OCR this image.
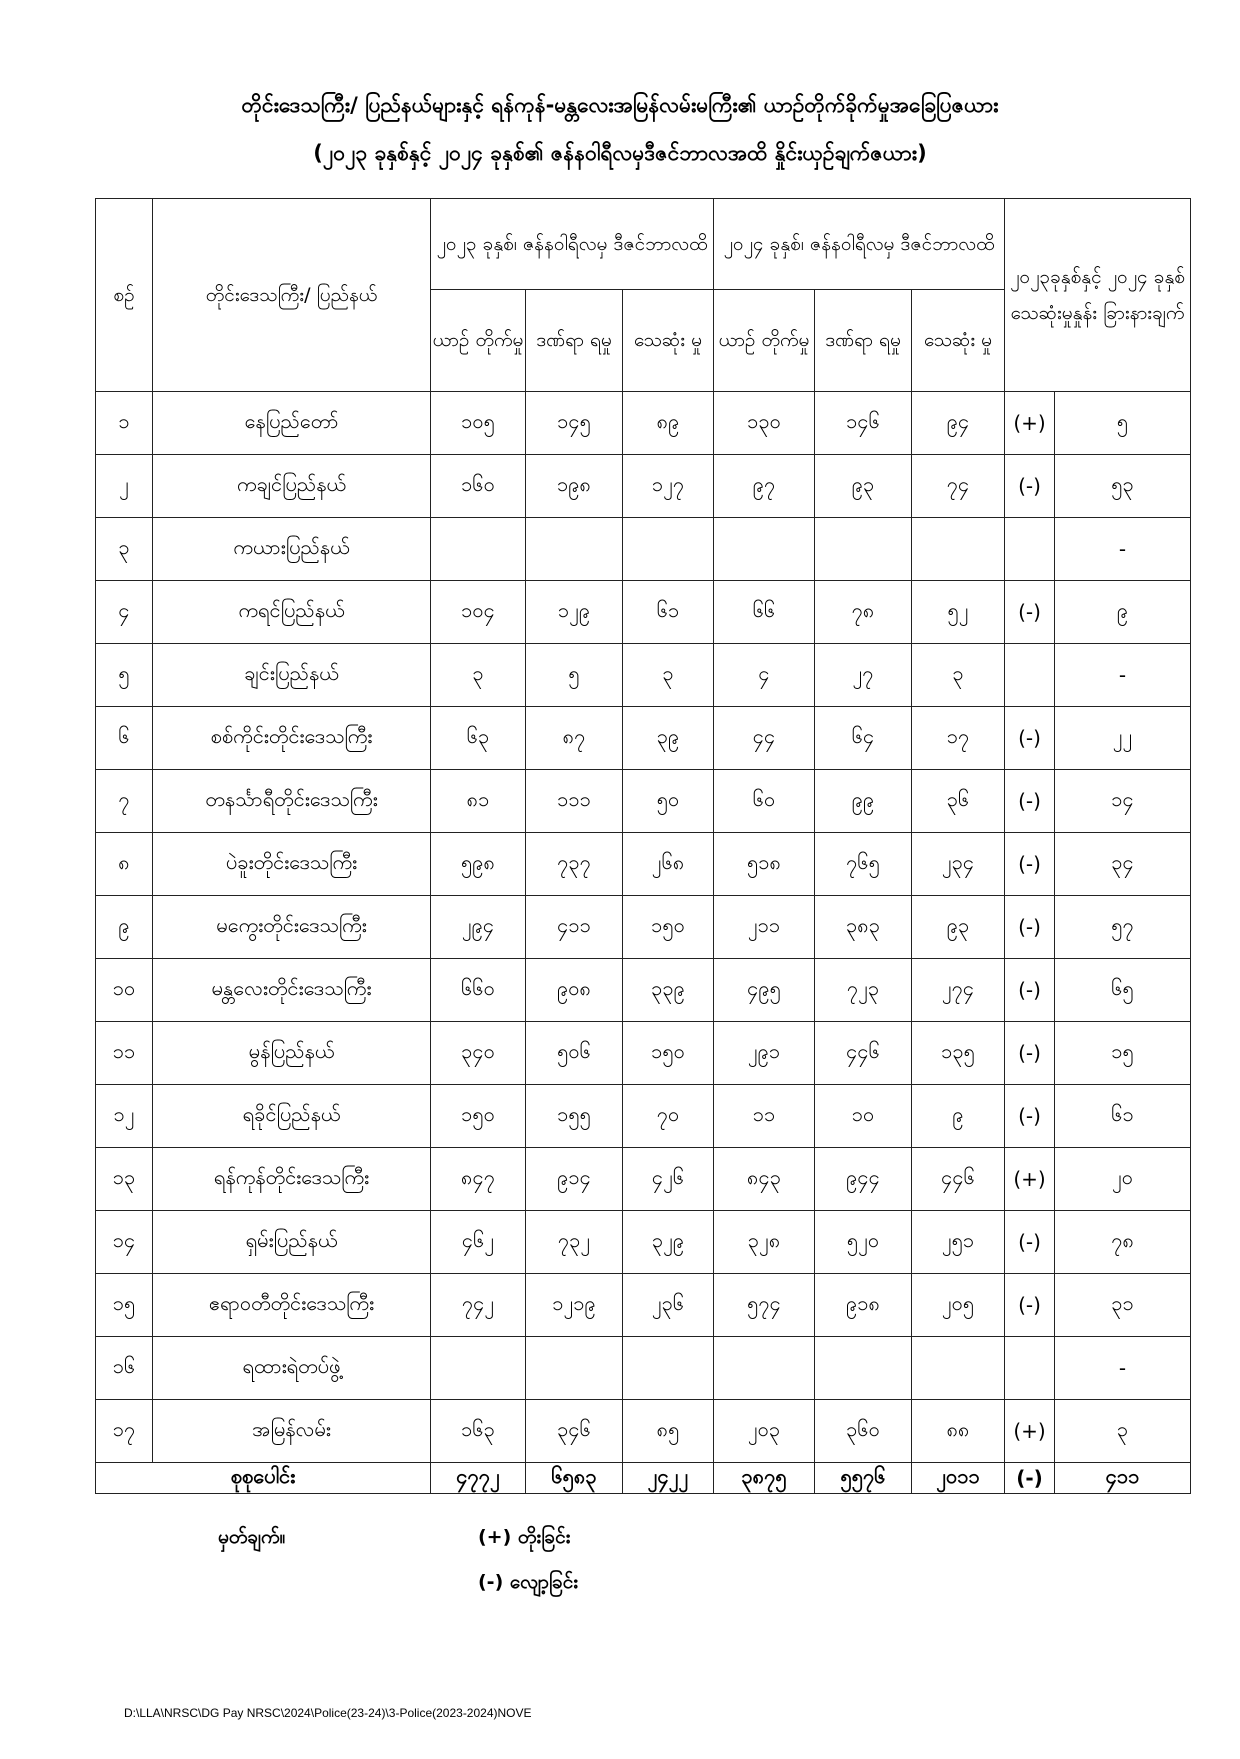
တိုင်းဒေသကြီး/ ပြည်နယ်များနှင့် ရန်ကုန်-မန္တလေးအမြန်လမ်းမကြီး၏ ယာဉ်တိုက်ခိုက်မှုအခြေပြဇယား
(၂၀၂၃ ခုနှစ်နှင့် ၂၀၂၄ ခုနှစ်၏ ဇန်နဝါရီလမှဒီဇင်ဘာလအထိ နှိုင်းယှဉ်ချက်ဇယား)
စဉ်	တိုင်းဒေသကြီး/ ပြည်နယ်	၂၀၂၃ ခုနှစ်၊ ဇန်နဝါရီလမှ ဒီဇင်ဘာလထိ			၂၀၂၄ ခုနှစ်၊ ဇန်နဝါရီလမှ ဒီဇင်ဘာလထိ			၂၀၂၃ခုနှစ်နှင့် ၂၀၂၄ ခုနှစ် သေဆုံးမှုနှုန်း ခြားနားချက်	
		ယာဉ် တိုက်မှု	ဒဏ်ရာ ရမှု	သေဆုံး မှု	ယာဉ် တိုက်မှု	ဒဏ်ရာ ရမှု	သေဆုံး မှု		
၁	နေပြည်တော်	၁၀၅	၁၄၅	၈၉	၁၃၀	၁၄၆	၉၄	(+)	၅
၂	ကချင်ပြည်နယ်	၁၆၀	၁၉၈	၁၂၇	၉၇	၉၃	၇၄	(-)	၅၃
၃	ကယားပြည်နယ်								-
၄	ကရင်ပြည်နယ်	၁၀၄	၁၂၉	၆၁	၆၆	၇၈	၅၂	(-)	၉
၅	ချင်းပြည်နယ်	၃	၅	၃	၄	၂၇	၃		-
၆	စစ်ကိုင်းတိုင်းဒေသကြီး	၆၃	၈၇	၃၉	၄၄	၆၄	၁၇	(-)	၂၂
၇	တနင်္သာရီတိုင်းဒေသကြီး	၈၁	၁၁၁	၅၀	၆၀	၉၉	၃၆	(-)	၁၄
၈	ပဲခူးတိုင်းဒေသကြီး	၅၉၈	၇၃၇	၂၆၈	၅၁၈	၇၆၅	၂၃၄	(-)	၃၄
၉	မကွေးတိုင်းဒေသကြီး	၂၉၄	၄၁၁	၁၅၀	၂၁၁	၃၈၃	၉၃	(-)	၅၇
၁၀	မန္တလေးတိုင်းဒေသကြီး	၆၆၀	၉၀၈	၃၃၉	၄၉၅	၇၂၃	၂၇၄	(-)	၆၅
၁၁	မွန်ပြည်နယ်	၃၄၀	၅၀၆	၁၅၀	၂၉၁	၄၄၆	၁၃၅	(-)	၁၅
၁၂	ရခိုင်ပြည်နယ်	၁၅၀	၁၅၅	၇၀	၁၁	၁၀	၉	(-)	၆၁
၁၃	ရန်ကုန်တိုင်းဒေသကြီး	၈၄၇	၉၁၄	၄၂၆	၈၄၃	၉၄၄	၄၄၆	(+)	၂၀
၁၄	ရှမ်းပြည်နယ်	၄၆၂	၇၃၂	၃၂၉	၃၂၈	၅၂၀	၂၅၁	(-)	၇၈
၁၅	ဧရာဝတီတိုင်းဒေသကြီး	၇၄၂	၁၂၁၉	၂၃၆	၅၇၄	၉၁၈	၂၀၅	(-)	၃၁
၁၆	ရထားရဲတပ်ဖွဲ့								-
၁၇	အမြန်လမ်း	၁၆၃	၃၄၆	၈၅	၂၀၃	၃၆၀	၈၈	(+)	၃
စုစုပေါင်း		၄၇၇၂	၆၅၈၃	၂၄၂၂	၃၈၇၅	၅၅၇၆	၂၀၁၁	(-)	၄၁၁
မှတ်ချက်။	(+) တိုးခြင်း
(-) လျော့ခြင်း
D:\LLA\NRSC\DG Pay NRSC\2024\Police(23-24)\3-Police(2023-2024)NOVE
